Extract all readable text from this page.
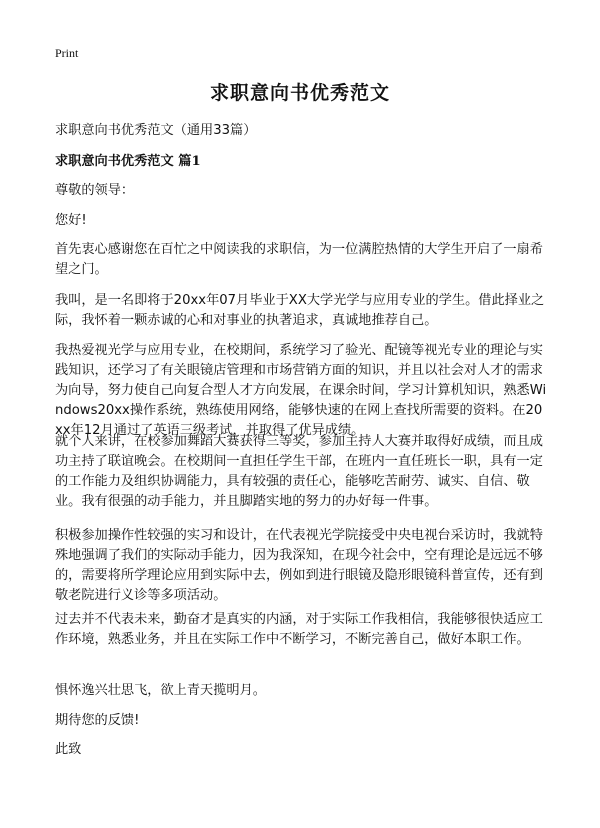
Print
求职意向书优秀范文

求职意向书优秀范文（通用33篇）

求职意向书优秀范文 篇1

尊敬的领导：

您好!

首先衷心感谢您在百忙之中阅读我的求职信，为一位满腔热情的大学生开启了一扇希望之门。

我叫，是一名即将于20xx年07月毕业于XX大学光学与应用专业的学生。借此择业之际，我怀着一颗赤诚的心和对事业的执著追求，真诚地推荐自己。

我热爱视光学与应用专业，在校期间，系统学习了验光、配镜等视光专业的理论与实践知识，还学习了有关眼镜店管理和市场营销方面的知识，并且以社会对人才的需求为向导，努力使自己向复合型人才方向发展，在课余时间，学习计算机知识，熟悉Windows20xx操作系统，熟练使用网络，能够快速的在网上查找所需要的资料。在20xx年12月通过了英语三级考试，并取得了优异成绩。

就个人来讲，在校参加舞蹈大赛获得三等奖，参加主持人大赛并取得好成绩，而且成功主持了联谊晚会。在校期间一直担任学生干部，在班内一直任班长一职，具有一定的工作能力及组织协调能力，具有较强的责任心，能够吃苦耐劳、诚实、自信、敬业。我有很强的动手能力，并且脚踏实地的努力的办好每一件事。

积极参加操作性较强的实习和设计，在代表视光学院接受中央电视台采访时，我就特殊地强调了我们的实际动手能力，因为我深知，在现今社会中，空有理论是远远不够的，需要将所学理论应用到实际中去，例如到进行眼镜及隐形眼镜科普宣传，还有到敬老院进行义诊等多项活动。

过去并不代表未来，勤奋才是真实的内涵，对于实际工作我相信，我能够很快适应工作环境，熟悉业务，并且在实际工作中不断学习，不断完善自己，做好本职工作。

惧怀逸兴壮思飞，欲上青天揽明月。

期待您的反馈!

此致
